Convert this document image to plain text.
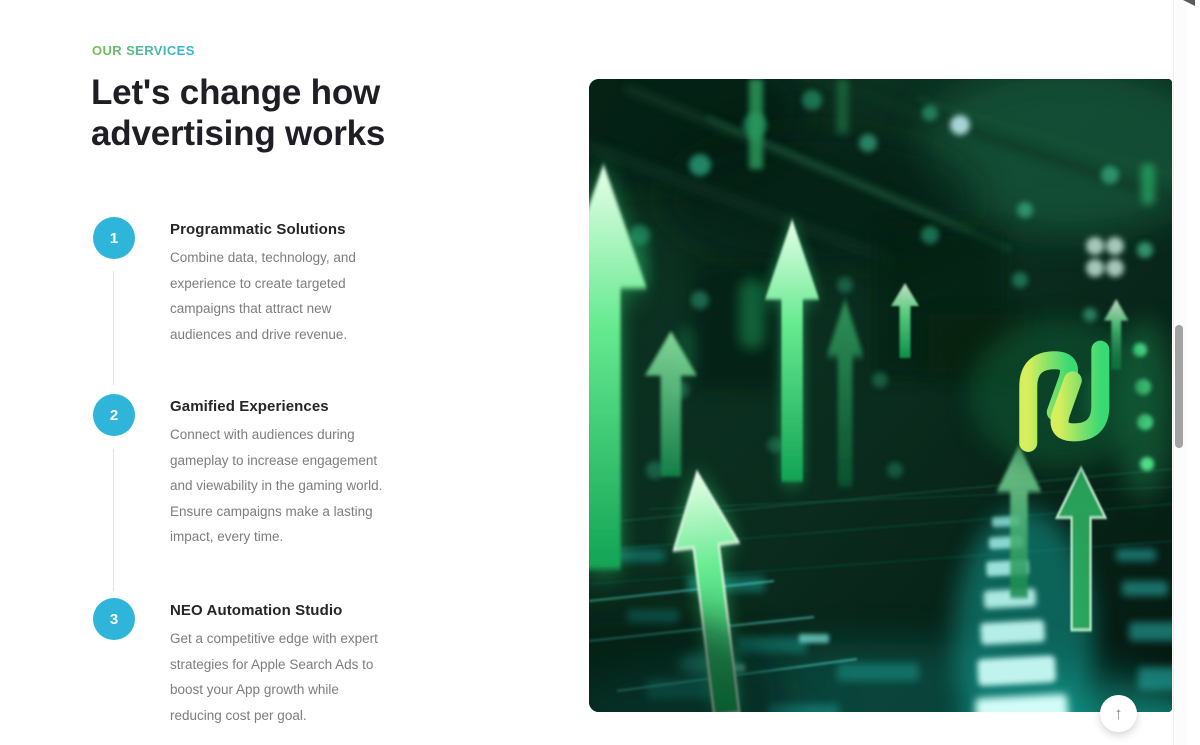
OUR SERVICES
Let's change how advertising works
1	Programmatic Solutions
Combine data, technology, and experience to create targeted campaigns that attract new audiences and drive revenue.
2	Gamified Experiences
Connect with audiences during gameplay to increase engagement and viewability in the gaming world. Ensure campaigns make a lasting impact, every time.
3	NEO Automation Studio
Get a competitive edge with expert strategies for Apple Search Ads to boost your App growth while reducing cost per goal.	↑
